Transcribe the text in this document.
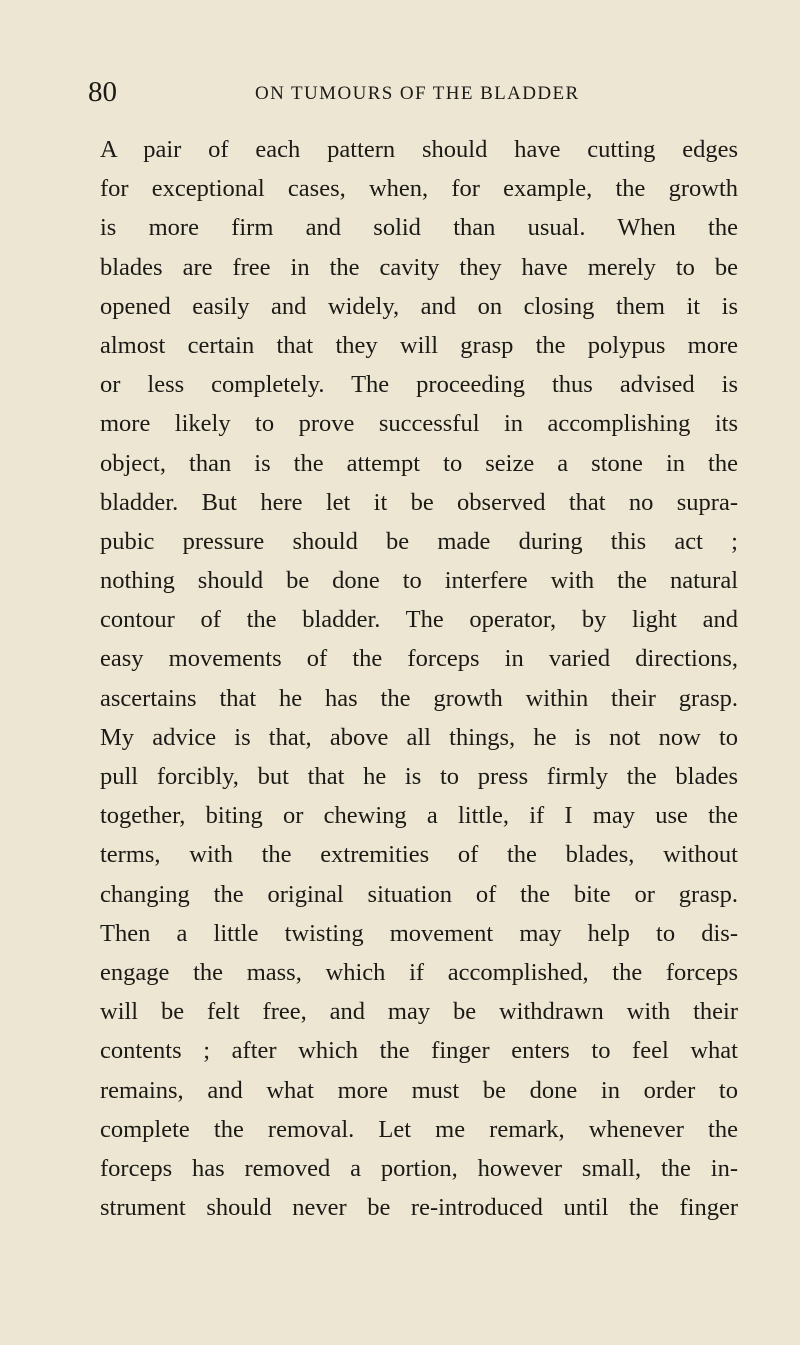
80	ON TUMOURS OF THE BLADDER
A pair of each pattern should have cutting edges
for exceptional cases, when, for example, the growth
is more firm and solid than usual. When the
blades are free in the cavity they have merely to be
opened easily and widely, and on closing them it is
almost certain that they will grasp the polypus more
or less completely. The proceeding thus advised is
more likely to prove successful in accomplishing its
object, than is the attempt to seize a stone in the
bladder. But here let it be observed that no supra-
pubic pressure should be made during this act ;
nothing should be done to interfere with the natural
contour of the bladder. The operator, by light and
easy movements of the forceps in varied directions,
ascertains that he has the growth within their grasp.
My advice is that, above all things, he is not now to
pull forcibly, but that he is to press firmly the blades
together, biting or chewing a little, if I may use the
terms, with the extremities of the blades, without
changing the original situation of the bite or grasp.
Then a little twisting movement may help to dis-
engage the mass, which if accomplished, the forceps
will be felt free, and may be withdrawn with their
contents ; after which the finger enters to feel what
remains, and what more must be done in order to
complete the removal. Let me remark, whenever the
forceps has removed a portion, however small, the in-
strument should never be re-introduced until the finger
